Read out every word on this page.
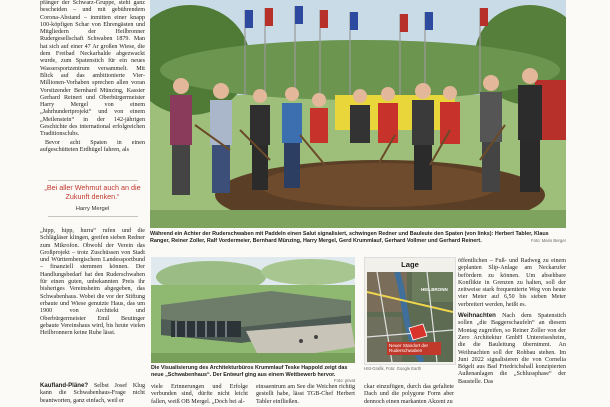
pfänger der Schwarz-Gruppe, steht ganz bescheiden – und mit gebührendem Corona-Abstand – inmitten einer knapp 100-köpfigen Schar von Ehrengästen und Mitgliedern der Heilbronner Rudergesellschaft Schwaben 1879. Man hat sich auf einer 47 Ar großen Wiese, die dem Freibad Neckarhalde abgezwackt wurde, zum Spatenstich für ein neues Wassersportzentrum versammelt. Mit Blick auf das ambitionierte Vier-Millionen-Vorhaben sprechen allen voran Vorsitzender Bernhard Münzing, Kassier Gerhard Reinert und Oberbürgermeister Harry Mergel von einem „Jahrhundertprojekt“ und von einem „Meilenstein“ in der 142-jährigen Geschichte des international erfolgreichen Traditionsclubs.

Bevor acht Spaten in einen aufgeschütteten Erdhügel fahren, als

„Bei aller Wehmut auch an die Zukunft denken.“
Harry Mergel

„hipp, hipp, hurra“ rufen und die Schlägläser klingen, greifen sieben Redner zum Mikrofon. Obwohl der Verein das Großprojekt – trotz Zuschüssen von Stadt und Württembergischem Landessportbund – finanziell stemmen können. Der Handlungsbedarf hat den Ruderschwaben für einen guten, unbekannten Preis ihr bisheriges Vereinsheim abgegeben, das Schwabenhaus. Wobei die vor der Stiftung erbaute und Wiese genutzte Haus, das um 1900 von Architekt und Oberbürgermeister Emil Beutinger gebaute Vereinshaus wird, bis heute vielen Heilbronnern keine Ruhe lässt.

Kaufland-Pläne? Selbst Josef Klug kann die Schwabenhaus-Frage nicht beantworten, ganz einfach, weil er

Während ein Achter der Ruderschwaben mit Paddeln einen Salut signalisiert, schwingen Redner und Bauleute den Spaten (von links): Herbert Tabler, Klaus Ranger, Reiner Zoller, Ralf Vordermeier, Bernhard Münzing, Harry Mergel, Gerd Krummlauf, Gerhard Vollmer und Gerhard Reinert.	Foto: Mario Berger
Die Visualisierung des Architekturbüros Krummlauf Teske Happold zeigt das neue „Schwabenhaus“. Der Entwurf ging aus einem Wettbewerb hervor.
Foto: privat
Lage
HEILBRONN
Neuer Standort der Ruderschwaben
HSt-Grafik, Foto: Google Earth

öffentlichen – Fuß- und Radweg zu einem geplanten Slip-Anlage am Neckarufer befördern zu können. Um absehbare Konflikte in Grenzen zu halten, soll der zeitweise stark frequentierte Weg von heute vier Meter auf 6,50 bis sieben Meter verbreitert werden, heißt es.

Weihnachten Nach dem Spatenstich sollen „die Baggerschaufeln“ an diesem Montag zugreifen, so Reiner Zoller von der Zero Architektur GmbH Untereisesheim, die die Bauleitung übernimmt. An Weihnachten soll der Rohbau stehen. Im Juni 2022 signalisieren die von Cornelia Bögelt aus Bad Friedrichshall konzipierten Außenanlagen die „Schlussphase“ der Baustelle. Das

viele Erinnerungen und Erfolge verbunden sind, dürfte nicht leicht fallen, weiß OB Mergel. „Doch bei al-
einsaentrum am See die Weichen richtig gestellt habe, lässt TGB-Chef Herbert Tabler einfließen.
ckar einzufügen, durch das gefaltete Dach und die polygone Form aber dennoch einen markanten Akzent zu
